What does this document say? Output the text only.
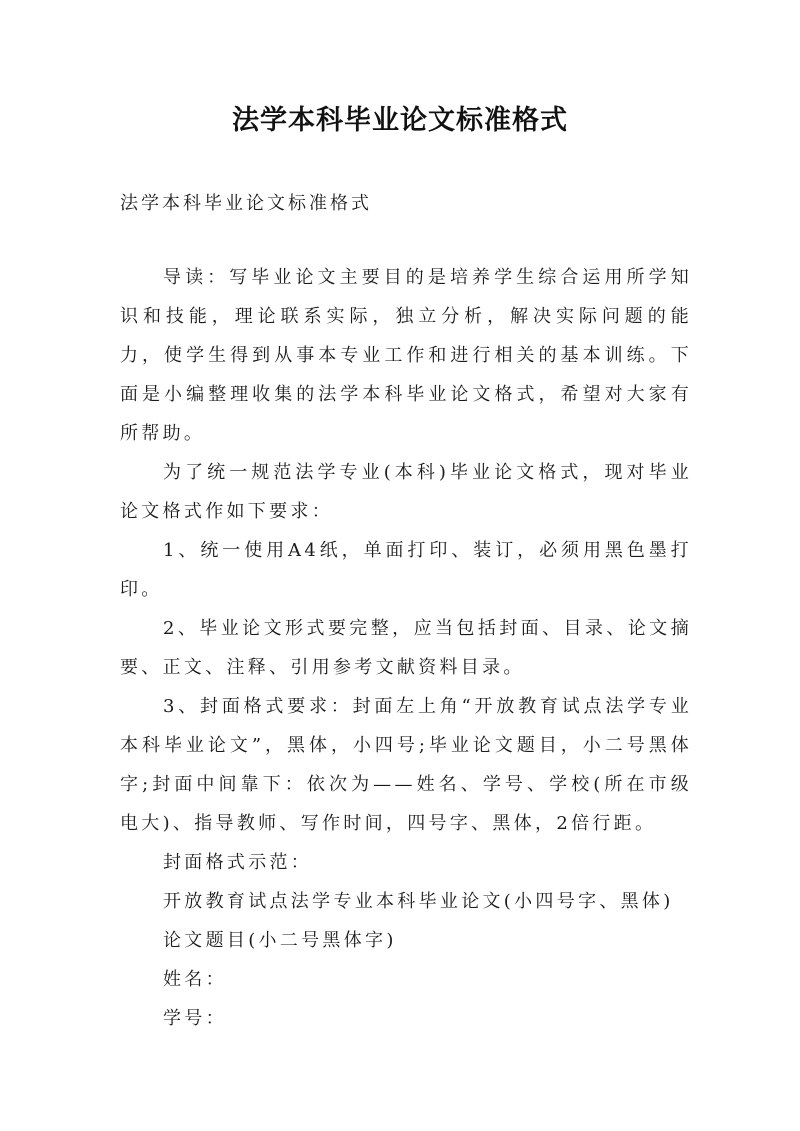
法学本科毕业论文标准格式
法学本科毕业论文标准格式

导读：写毕业论文主要目的是培养学生综合运用所学知识和技能，理论联系实际，独立分析，解决实际问题的能力，使学生得到从事本专业工作和进行相关的基本训练。下面是小编整理收集的法学本科毕业论文格式，希望对大家有所帮助。

为了统一规范法学专业(本科)毕业论文格式，现对毕业论文格式作如下要求：

1、统一使用A4纸，单面打印、装订，必须用黑色墨打印。

2、毕业论文形式要完整，应当包括封面、目录、论文摘要、正文、注释、引用参考文献资料目录。

3、封面格式要求：封面左上角“开放教育试点法学专业本科毕业论文”，黑体，小四号;毕业论文题目，小二号黑体字;封面中间靠下：依次为——姓名、学号、学校(所在市级电大)、指导教师、写作时间，四号字、黑体，2倍行距。

封面格式示范：

开放教育试点法学专业本科毕业论文(小四号字、黑体)

论文题目(小二号黑体字)

姓名：

学号：
